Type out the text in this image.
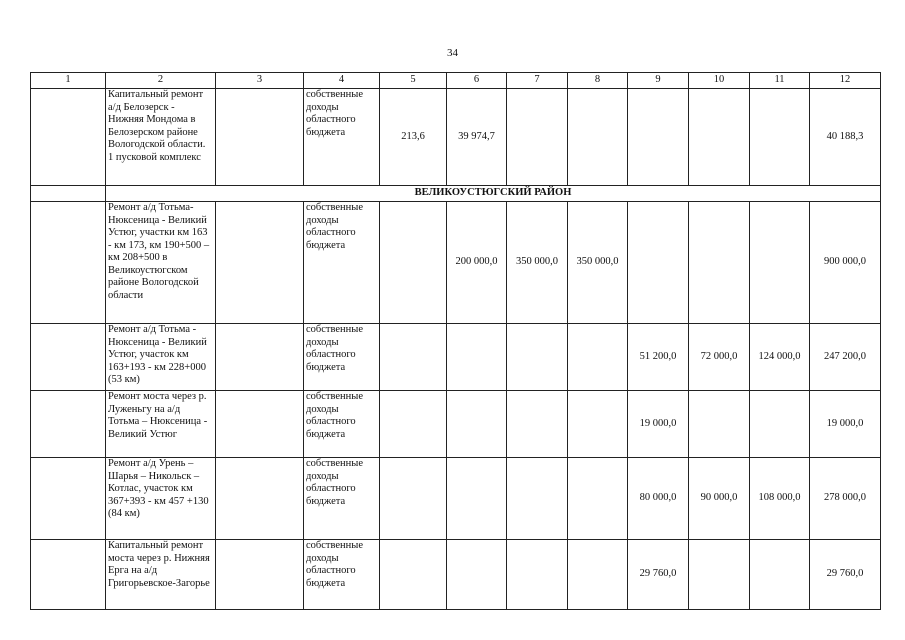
34
1	2	3	4	5	6	7	8	9	10	11	12
	Капитальный ремонт а/д Белозерск - Нижняя Мондома в Белозерском районе Вологодской области. 1 пусковой комплекс		собственные доходы областного бюджета	213,6	39 974,7						40 188,3
	ВЕЛИКОУСТЮГСКИЙ РАЙОН										
	Ремонт а/д Тотьма-Нюксеница - Великий Устюг, участки км 163 - км 173, км 190+500 – км 208+500 в Великоустюгском районе Вологодской области		собственные доходы областного бюджета		200 000,0	350 000,0	350 000,0				900 000,0
	Ремонт а/д Тотьма - Нюксеница - Великий Устюг, участок км 163+193 - км 228+000 (53 км)		собственные доходы областного бюджета					51 200,0	72 000,0	124 000,0	247 200,0
	Ремонт моста через р. Луженьгу на а/д Тотьма – Нюксеница - Великий Устюг		собственные доходы областного бюджета					19 000,0			19 000,0
	Ремонт а/д Урень – Шарья – Никольск – Котлас, участок км 367+393 - км 457 +130 (84 км)		собственные доходы областного бюджета					80 000,0	90 000,0	108 000,0	278 000,0
	Капитальный ремонт моста через р. Нижняя Ерга на а/д Григорьевское-Загорье		собственные доходы областного бюджета					29 760,0			29 760,0
